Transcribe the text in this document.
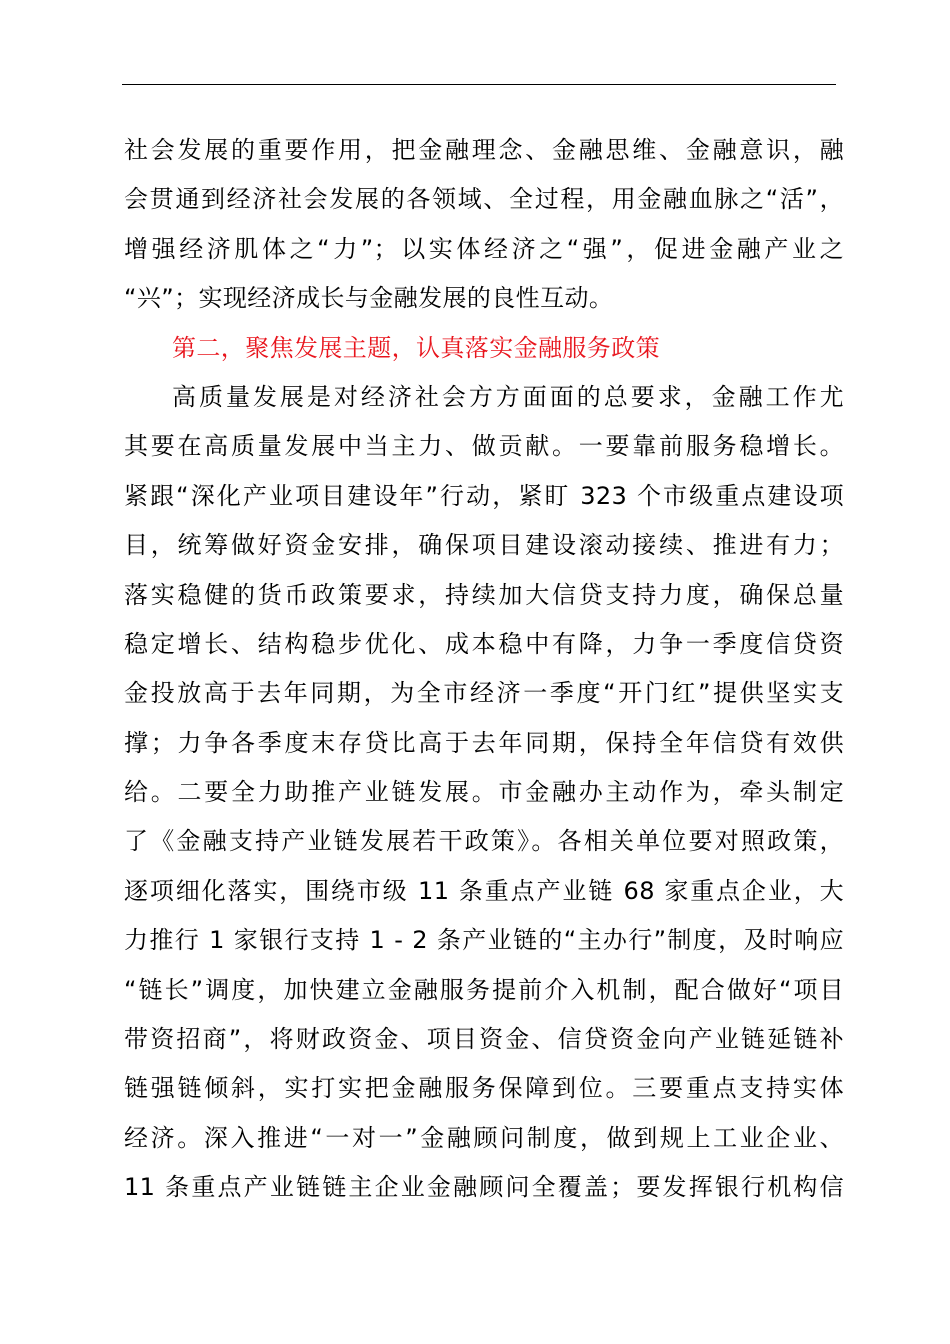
社会发展的重要作用，把金融理念、金融思维、金融意识，融
会贯通到经济社会发展的各领域、全过程，用金融血脉之“活”，
增强经济肌体之“力”；以实体经济之“强”，促进金融产业之
“兴”；实现经济成长与金融发展的良性互动。
第二，聚焦发展主题，认真落实金融服务政策
高质量发展是对经济社会方方面面的总要求，金融工作尤
其要在高质量发展中当主力、做贡献。一要靠前服务稳增长。
紧跟“深化产业项目建设年”行动，紧盯 323 个市级重点建设项
目，统筹做好资金安排，确保项目建设滚动接续、推进有力；
落实稳健的货币政策要求，持续加大信贷支持力度，确保总量
稳定增长、结构稳步优化、成本稳中有降，力争一季度信贷资
金投放高于去年同期，为全市经济一季度“开门红”提供坚实支
撑；力争各季度末存贷比高于去年同期，保持全年信贷有效供
给。二要全力助推产业链发展。市金融办主动作为，牵头制定
了《金融支持产业链发展若干政策》。各相关单位要对照政策，
逐项细化落实，围绕市级 11 条重点产业链 68 家重点企业，大
力推行 1 家银行支持 1 - 2 条产业链的“主办行”制度，及时响应
“链长”调度，加快建立金融服务提前介入机制，配合做好“项目
带资招商”，将财政资金、项目资金、信贷资金向产业链延链补
链强链倾斜，实打实把金融服务保障到位。三要重点支持实体
经济。深入推进“一对一”金融顾问制度，做到规上工业企业、
11 条重点产业链链主企业金融顾问全覆盖；要发挥银行机构信
